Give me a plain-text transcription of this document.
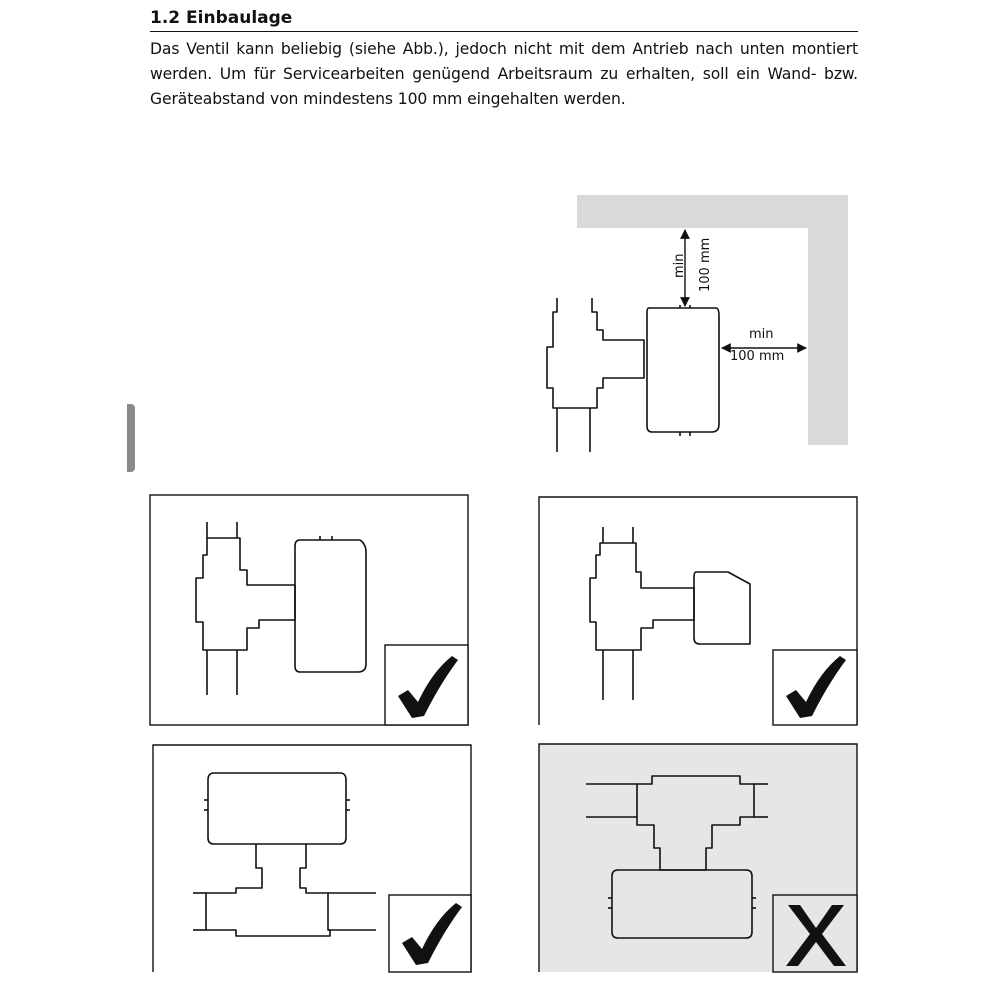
1.2 Einbaulage
Das Ventil kann beliebig (siehe Abb.), jedoch nicht mit dem Antrieb nach unten montiert werden. Um für Servicearbeiten genügend Arbeitsraum zu erhalten, soll ein Wand- bzw. Geräteabstand von mindestens 100 mm eingehalten werden.
min 100 mm
min
100 mm
